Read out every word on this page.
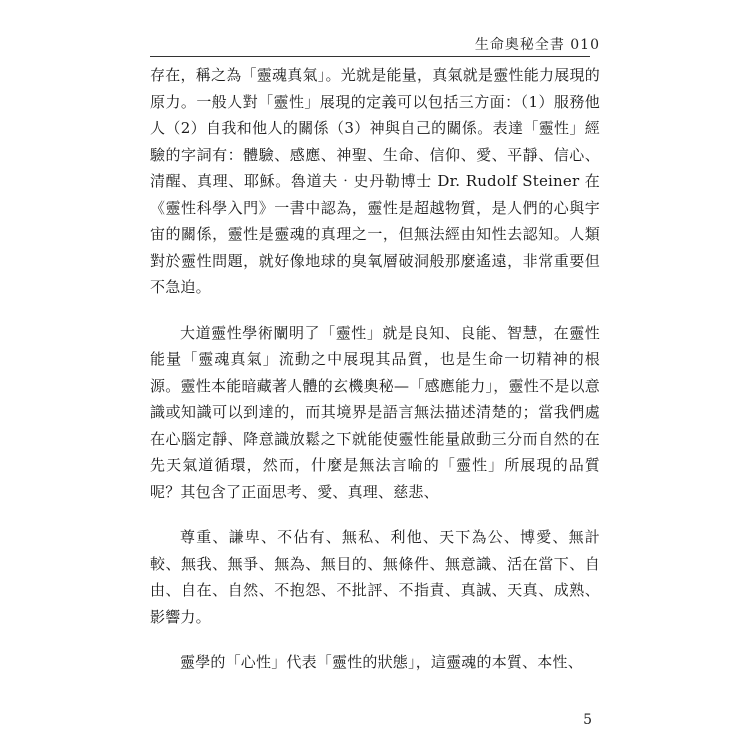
生命奧秘全書 010

存在，稱之為「靈魂真氣」。光就是能量，真氣就是靈性能力展現的原力。一般人對「靈性」展現的定義可以包括三方面：（1）服務他人（2）自我和他人的關係（3）神與自己的關係。表達「靈性」經驗的字詞有：體驗、感應、神聖、生命、信仰、愛、平靜、信心、清醒、真理、耶穌。魯道夫‧史丹勒博士 Dr. Rudolf Steiner 在《靈性科學入門》一書中認為，靈性是超越物質，是人們的心與宇宙的關係，靈性是靈魂的真理之一，但無法經由知性去認知。人類對於靈性問題，就好像地球的臭氧層破洞般那麼遙遠，非常重要但不急迫。

大道靈性學術闡明了「靈性」就是良知、良能、智慧，在靈性能量「靈魂真氣」流動之中展現其品質，也是生命一切精神的根源。靈性本能暗藏著人體的玄機奧秘—「感應能力」，靈性不是以意識或知識可以到達的，而其境界是語言無法描述清楚的；當我們處在心腦定靜、降意識放鬆之下就能使靈性能量啟動三分而自然的在先天氣道循環，然而，什麼是無法言喻的「靈性」所展現的品質呢？其包含了正面思考、愛、真理、慈悲、

尊重、謙卑、不佔有、無私、利他、天下為公、博愛、無計較、無我、無爭、無為、無目的、無條件、無意識、活在當下、自由、自在、自然、不抱怨、不批評、不指責、真誠、天真、成熟、影響力。

靈學的「心性」代表「靈性的狀態」，這靈魂的本質、本性、

5
